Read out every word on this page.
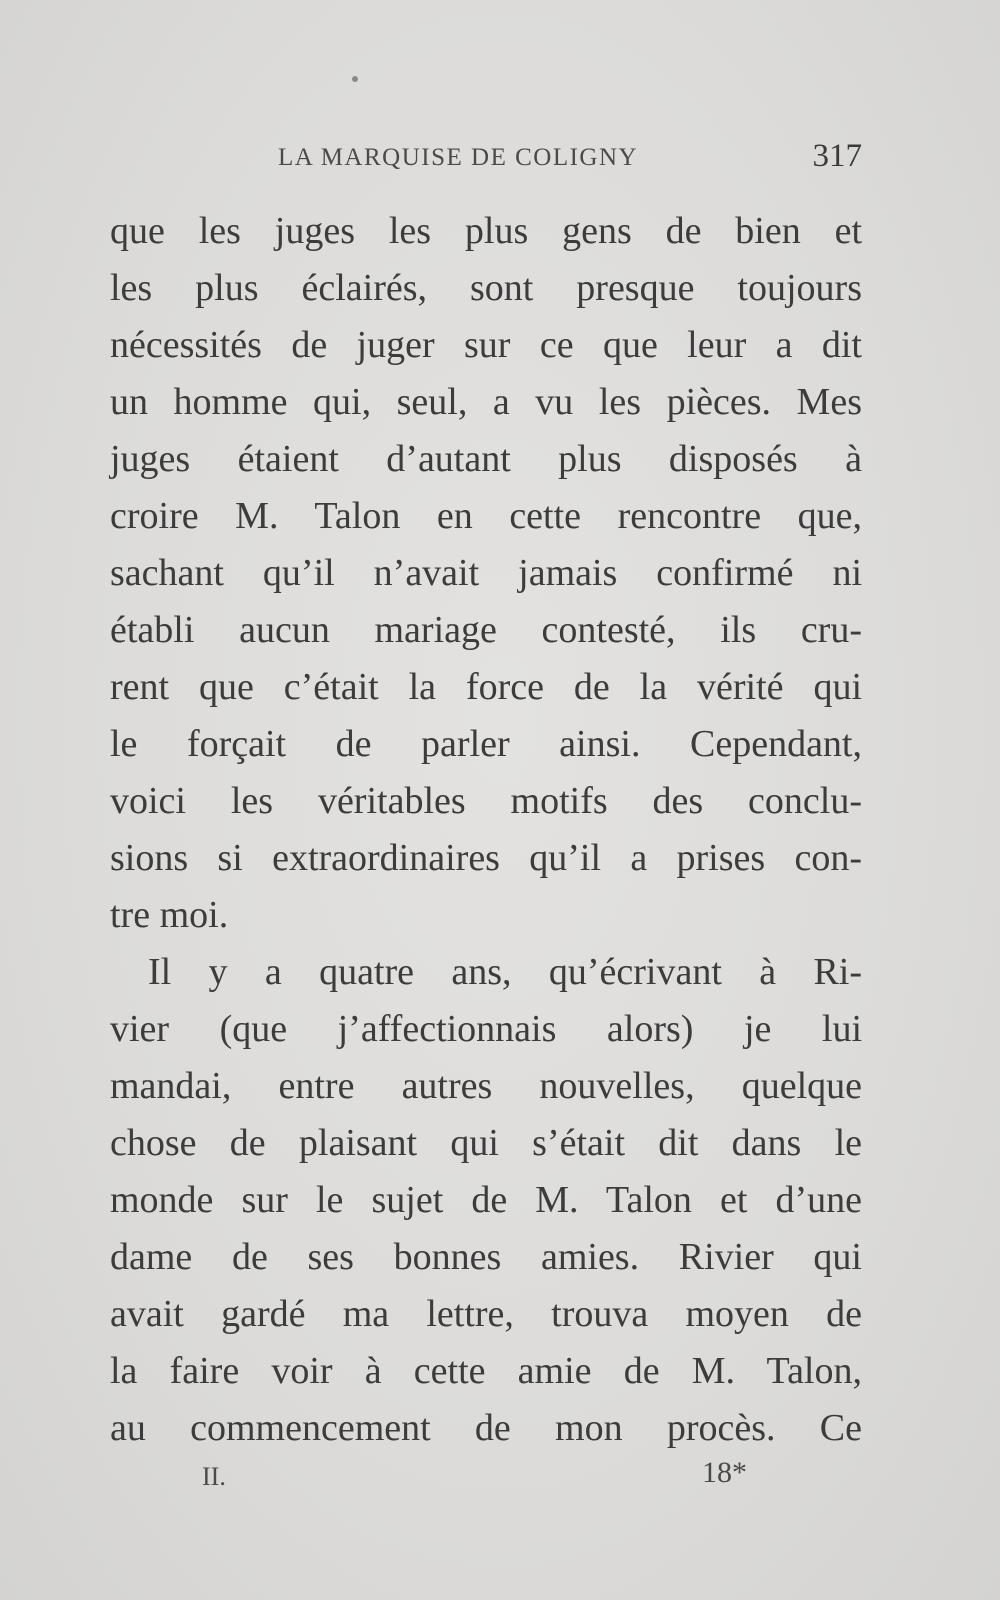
LA MARQUISE DE COLIGNY	317
que les juges les plus gens de bien et
les plus éclairés, sont presque toujours
nécessités de juger sur ce que leur a dit
un homme qui, seul, a vu les pièces. Mes
juges étaient d’autant plus disposés à
croire M. Talon en cette rencontre que,
sachant qu’il n’avait jamais confirmé ni
établi aucun mariage contesté, ils cru-
rent que c’était la force de la vérité qui
le forçait de parler ainsi. Cependant,
voici les véritables motifs des conclu-
sions si extraordinaires qu’il a prises con-
tre moi.
Il y a quatre ans, qu’écrivant à Ri-
vier (que j’affectionnais alors) je lui
mandai, entre autres nouvelles, quelque
chose de plaisant qui s’était dit dans le
monde sur le sujet de M. Talon et d’une
dame de ses bonnes amies. Rivier qui
avait gardé ma lettre, trouva moyen de
la faire voir à cette amie de M. Talon,
au commencement de mon procès. Ce
II.	18*
